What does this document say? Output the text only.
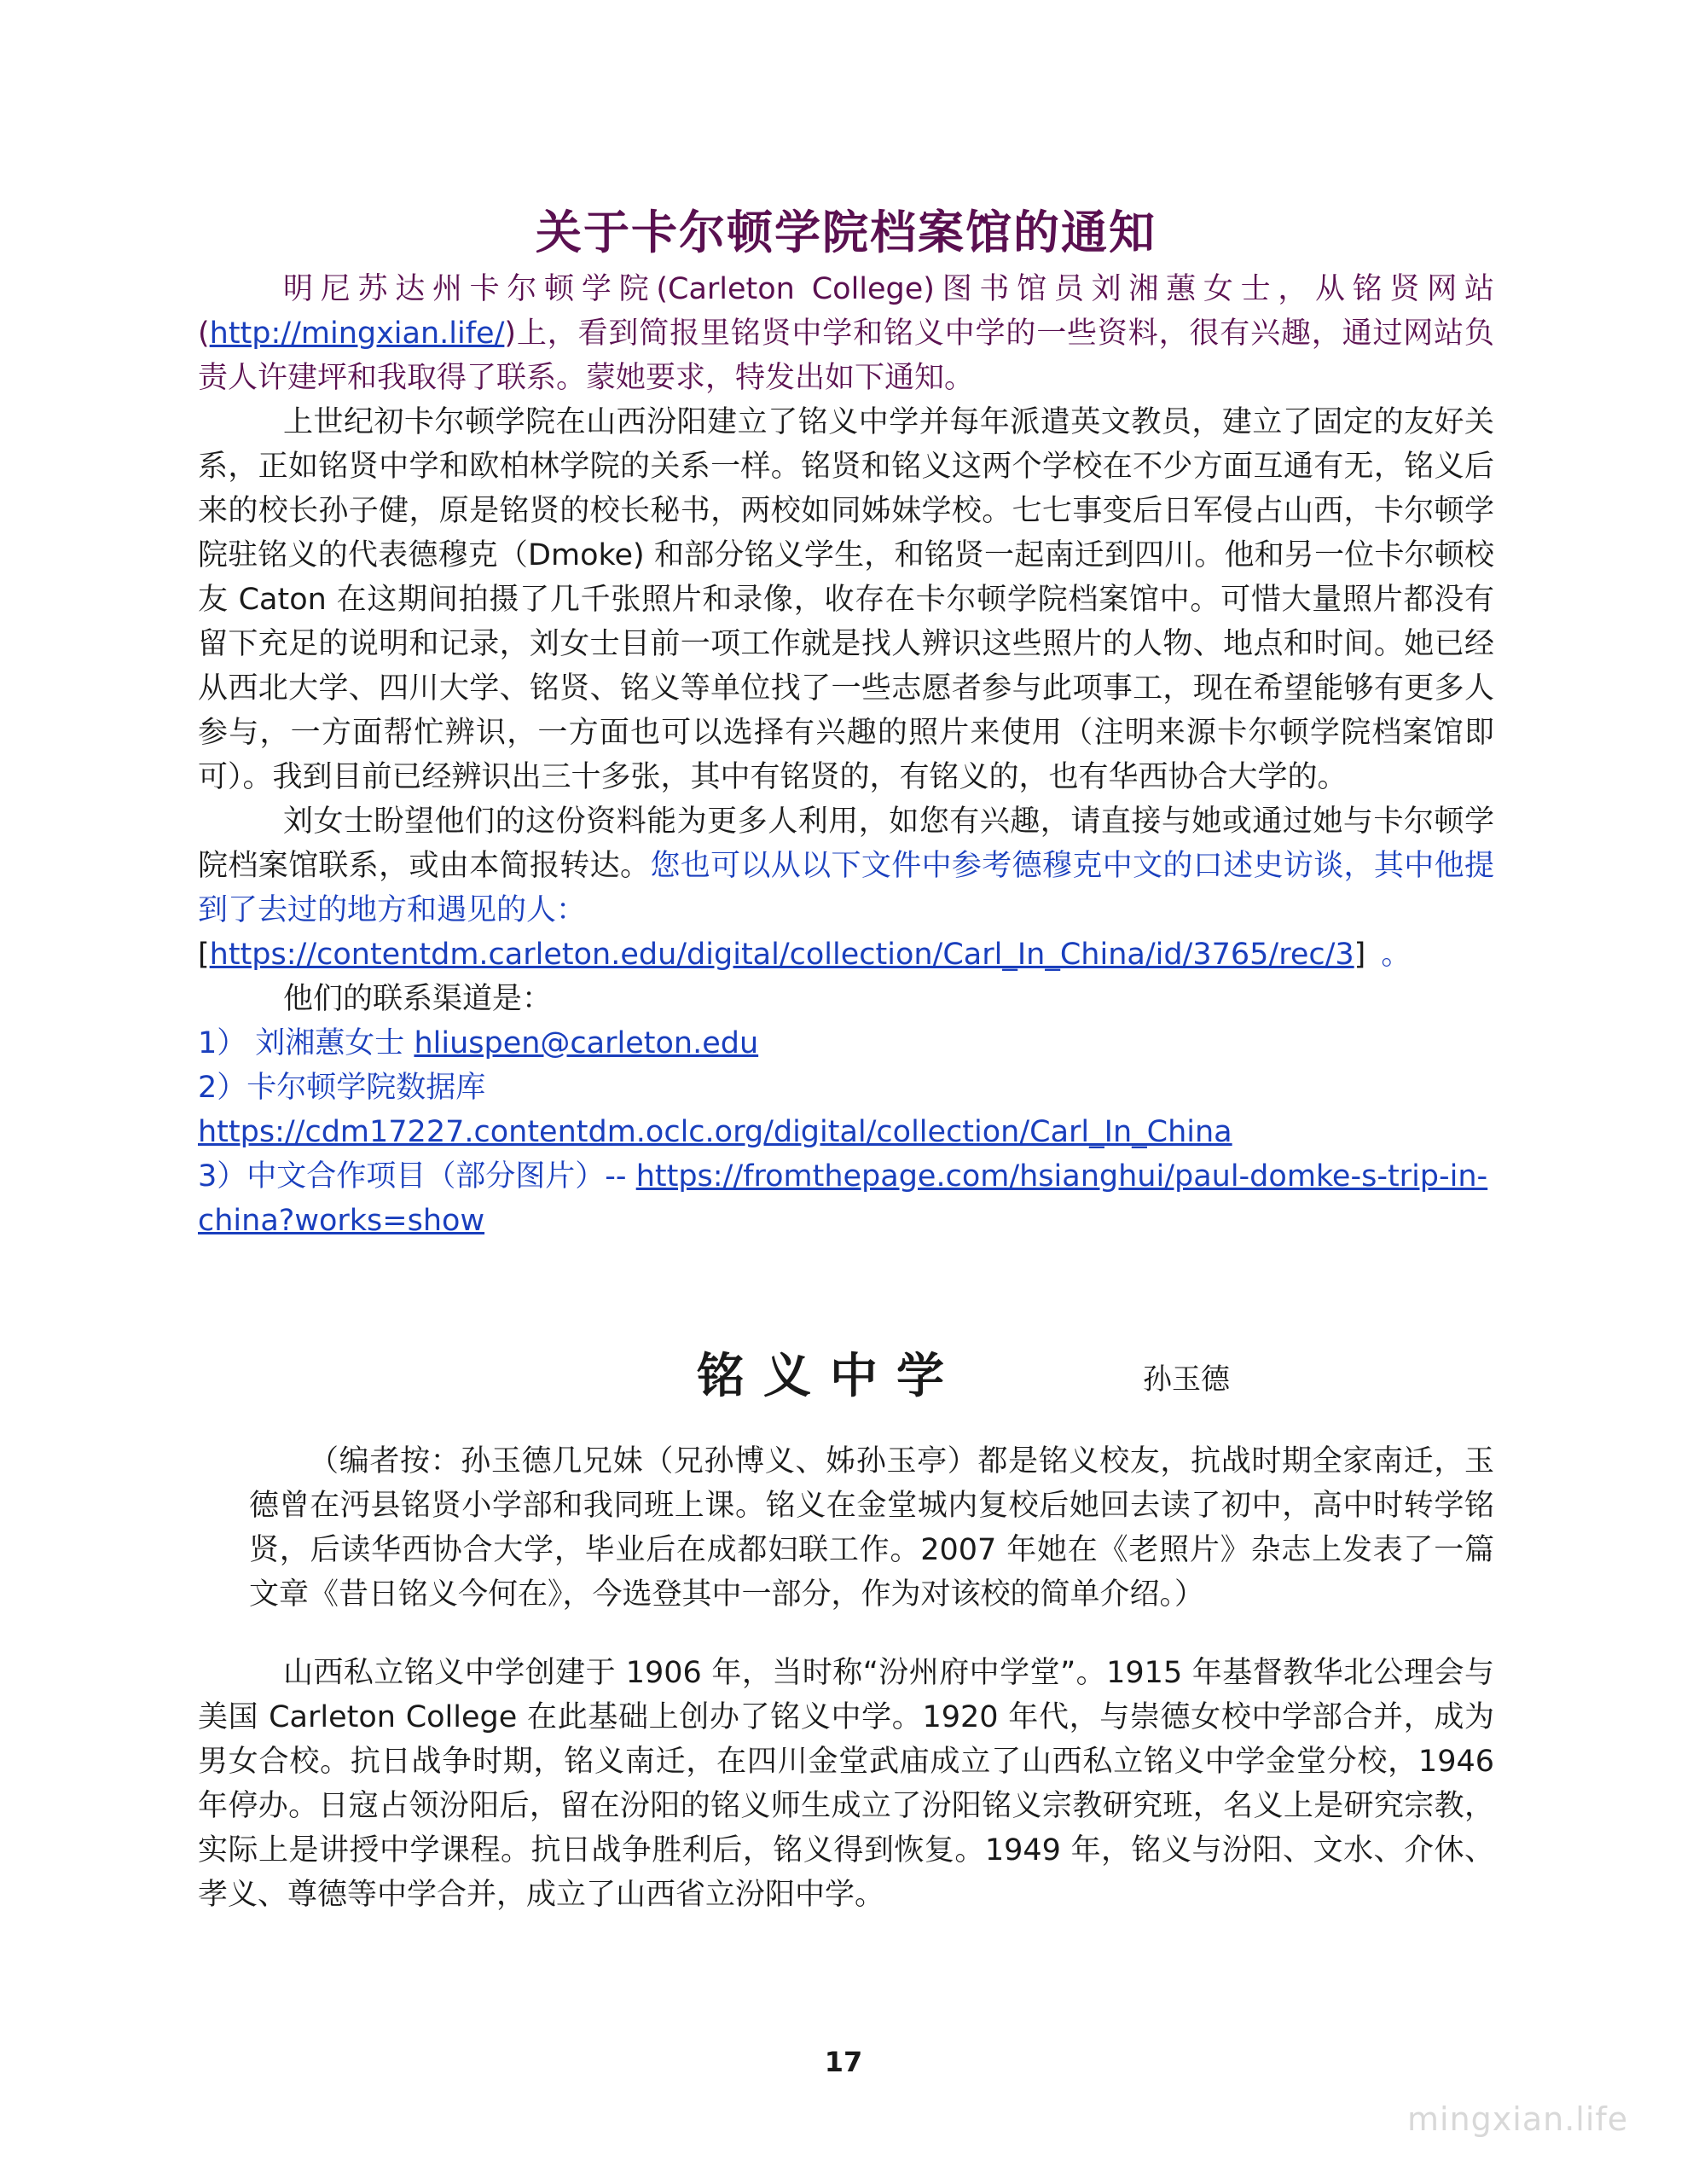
关于卡尔顿学院档案馆的通知

明尼苏达州卡尔顿学院(Carleton College)图书馆员刘湘蕙女士，从铭贤网站(http://mingxian.life/)上，看到简报里铭贤中学和铭义中学的一些资料，很有兴趣，通过网站负责人许建坪和我取得了联系。蒙她要求，特发出如下通知。

上世纪初卡尔顿学院在山西汾阳建立了铭义中学并每年派遣英文教员，建立了固定的友好关系，正如铭贤中学和欧柏林学院的关系一样。铭贤和铭义这两个学校在不少方面互通有无，铭义后来的校长孙子健，原是铭贤的校长秘书，两校如同姊妹学校。七七事变后日军侵占山西，卡尔顿学院驻铭义的代表德穆克（Dmoke) 和部分铭义学生，和铭贤一起南迁到四川。他和另一位卡尔顿校友 Caton 在这期间拍摄了几千张照片和录像，收存在卡尔顿学院档案馆中。可惜大量照片都没有留下充足的说明和记录，刘女士目前一项工作就是找人辨识这些照片的人物、地点和时间。她已经从西北大学、四川大学、铭贤、铭义等单位找了一些志愿者参与此项事工，现在希望能够有更多人参与，一方面帮忙辨识，一方面也可以选择有兴趣的照片来使用（注明来源卡尔顿学院档案馆即可）。我到目前已经辨识出三十多张，其中有铭贤的，有铭义的，也有华西协合大学的。

刘女士盼望他们的这份资料能为更多人利用，如您有兴趣，请直接与她或通过她与卡尔顿学院档案馆联系，或由本简报转达。您也可以从以下文件中参考德穆克中文的口述史访谈，其中他提到了去过的地方和遇见的人：
[https://contentdm.carleton.edu/digital/collection/Carl_In_China/id/3765/rec/3] 。

他们的联系渠道是：

1） 刘湘蕙女士 hliuspen@carleton.edu

2）卡尔顿学院数据库 https://cdm17227.contentdm.oclc.org/digital/collection/Carl_In_China

3）中文合作项目（部分图片）-- https://fromthepage.com/hsianghui/paul-domke-s-trip-in-china?works=show

铭义中学	孙玉德

（编者按：孙玉德几兄妹（兄孙博义、姊孙玉亭）都是铭义校友，抗战时期全家南迁，玉德曾在沔县铭贤小学部和我同班上课。铭义在金堂城内复校后她回去读了初中，高中时转学铭贤，后读华西协合大学，毕业后在成都妇联工作。2007 年她在《老照片》杂志上发表了一篇文章《昔日铭义今何在》，今选登其中一部分，作为对该校的简单介绍。）

山西私立铭义中学创建于 1906 年，当时称“汾州府中学堂”。1915 年基督教华北公理会与美国 Carleton College 在此基础上创办了铭义中学。1920 年代，与崇德女校中学部合并，成为男女合校。抗日战争时期，铭义南迁，在四川金堂武庙成立了山西私立铭义中学金堂分校，1946 年停办。日寇占领汾阳后，留在汾阳的铭义师生成立了汾阳铭义宗教研究班，名义上是研究宗教，实际上是讲授中学课程。抗日战争胜利后，铭义得到恢复。1949 年，铭义与汾阳、文水、介休、孝义、尊德等中学合并，成立了山西省立汾阳中学。

17
mingxian.life
